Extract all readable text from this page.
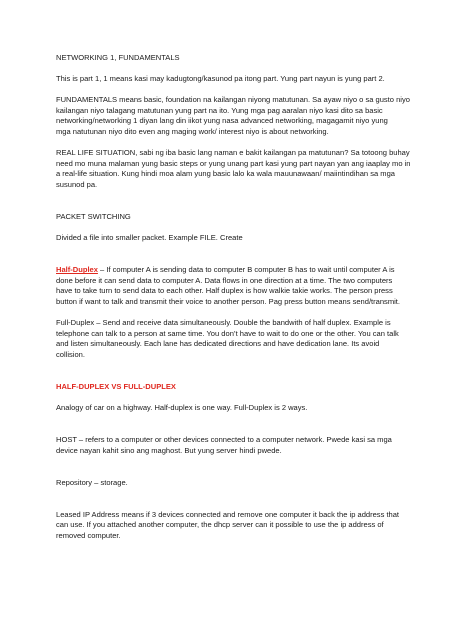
NETWORKING 1, FUNDAMENTALS

This is part 1, 1 means kasi may kadugtong/kasunod pa itong part. Yung part nayun is yung part 2.

FUNDAMENTALS means basic, foundation na kailangan niyong matutunan. Sa ayaw niyo o sa gusto niyo
kailangan niyo talagang matutunan yung part na ito. Yung mga pag aaralan niyo kasi dito sa basic
networking/networking 1 diyan lang din iikot yung nasa advanced networking, magagamit niyo yung
mga natutunan niyo dito even ang maging work/ interest niyo is about networking.

REAL LIFE SITUATION, sabi ng iba basic lang naman e bakit kailangan pa matutunan? Sa totoong buhay
need mo muna malaman yung basic steps or yung unang part kasi yung part nayan yan ang iaaplay mo in
a real-life situation. Kung hindi moa alam yung basic lalo ka wala mauunawaan/ maiintindihan sa mga
susunod pa.

PACKET SWITCHING

Divided a file into smaller packet. Example FILE. Create

Half-Duplex – If computer A is sending data to computer B computer B has to wait until computer A is
done before it can send data to computer A. Data flows in one direction at a time. The two computers
have to take turn to send data to each other. Half duplex is how walkie takie works. The person press
button if want to talk and transmit their voice to another person. Pag press button means send/transmit.

Full-Duplex – Send and receive data simultaneously. Double the bandwith of half duplex. Example is
telephone can talk to a person at same time. You don’t have to wait to do one or the other. You can talk
and listen simultaneously. Each lane has dedicated directions and have dedication lane. Its avoid
collision.

HALF-DUPLEX VS FULL-DUPLEX

Analogy of car on a highway. Half-duplex is one way. Full-Duplex is 2 ways.

HOST – refers to a computer or other devices connected to a computer network. Pwede kasi sa mga
device nayan kahit sino ang maghost. But yung server hindi pwede.

Repository – storage.

Leased IP Address means if 3 devices connected and remove one computer it back the ip address that
can use. If you attached another computer, the dhcp server can it possible to use the ip address of
removed computer.
